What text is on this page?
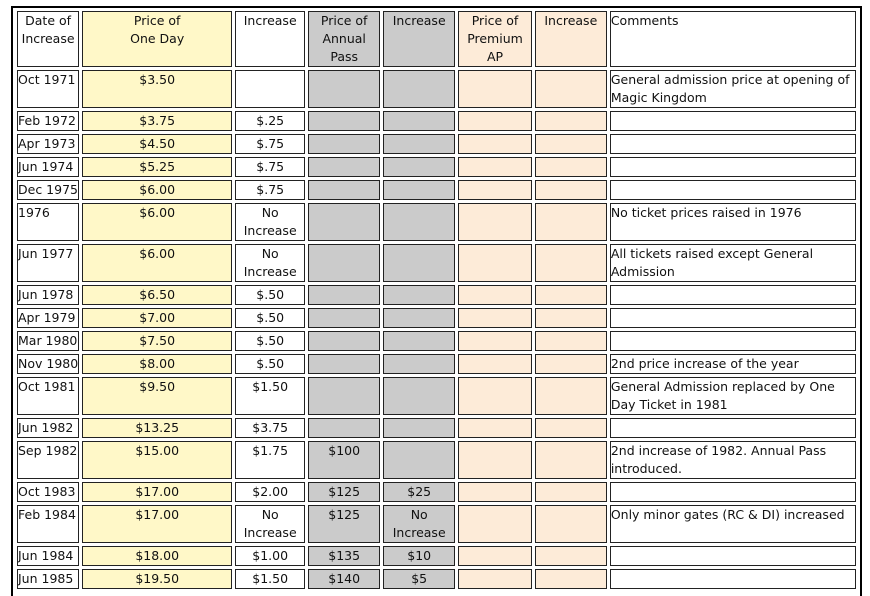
Date of Increase	Price of One Day	Increase	Price of Annual Pass	Increase	Price of Premium AP	Increase	Comments
Oct 1971	$3.50						General admission price at opening of Magic Kingdom
Feb 1972	$3.75	$.25					
Apr 1973	$4.50	$.75					
Jun 1974	$5.25	$.75					
Dec 1975	$6.00	$.75					
1976	$6.00	No Increase					No ticket prices raised in 1976
Jun 1977	$6.00	No Increase					All tickets raised except General Admission
Jun 1978	$6.50	$.50					
Apr 1979	$7.00	$.50					
Mar 1980	$7.50	$.50					
Nov 1980	$8.00	$.50					2nd price increase of the year
Oct 1981	$9.50	$1.50					General Admission replaced by One Day Ticket in 1981
Jun 1982	$13.25	$3.75					
Sep 1982	$15.00	$1.75	$100				2nd increase of 1982. Annual Pass introduced.
Oct 1983	$17.00	$2.00	$125	$25			
Feb 1984	$17.00	No Increase	$125	No Increase			Only minor gates (RC & DI) increased
Jun 1984	$18.00	$1.00	$135	$10			
Jun 1985	$19.50	$1.50	$140	$5			
